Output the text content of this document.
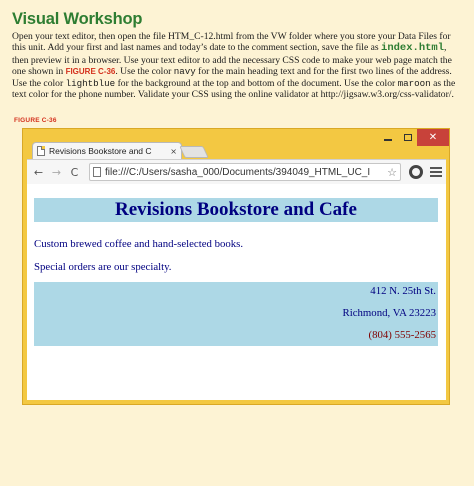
Visual Workshop

Open your text editor, then open the file HTM_C-12.html from the VW folder where you store your Data Files for this unit. Add your first and last names and today’s date to the comment section, save the file as index.html, then preview it in a browser. Use your text editor to add the necessary CSS code to make your web page match the one shown in FIGURE C-36. Use the color navy for the main heading text and for the first two lines of the address. Use the color lightblue for the background at the top and bottom of the document. Use the color maroon as the text color for the phone number. Validate your CSS using the online validator at http://jigsaw.w3.org/css-validator/.

FIGURE C-36
Revisions Bookstore and C	×
✕
← → C	file:///C:/Users/sasha_000/Documents/394049_HTML_UC_I	☆
Revisions Bookstore and Cafe

Custom brewed coffee and hand-selected books.

Special orders are our specialty.

412 N. 25th St.

Richmond, VA 23223

(804) 555-2565
